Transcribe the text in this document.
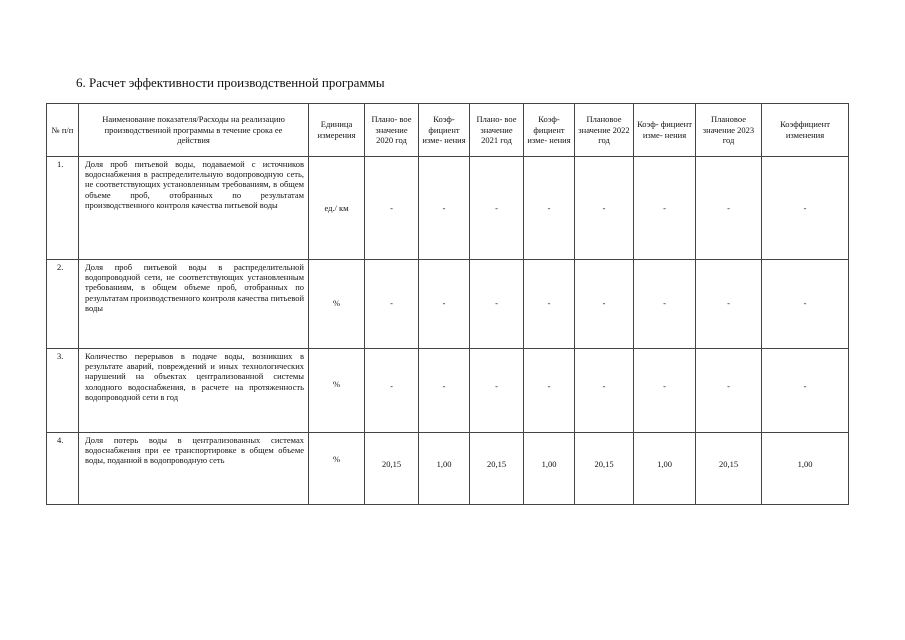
6. Расчет эффективности производственной программы
№ п/п	Наименование показателя/Расходы на реализацию производственной программы в течение срока ее действия	Единица измерения	Плано- вое значение 2020 год	Коэф- фициент изме- нения	Плано- вое значение 2021 год	Коэф- фициент изме- нения	Плановое значение 2022 год	Коэф- фициент изме- нения	Плановое значение 2023 год	Коэффициент изменения
1.	Доля проб питьевой воды, подаваемой с источников водоснабжения в распределительную водопроводную сеть, не соответствующих установленным требованиям, в общем объеме проб, отобранных по результатам производственного контроля качества питьевой воды	ед./ км	-	-	-	-	-	-	-	-
2.	Доля проб питьевой воды в распределительной водопроводной сети, не соответствующих установленным требованиям, в общем объеме проб, отобранных по результатам производственного контроля качества питьевой воды	%	-	-	-	-	-	-	-	-
3.	Количество перерывов в подаче воды, возникших в результате аварий, повреждений и иных технологических нарушений на объектах централизованной системы холодного водоснабжения, в расчете на протяженность водопроводной сети в год	%	-	-	-	-	-	-	-	-
4.	Доля потерь воды в централизованных системах водоснабжения при ее транспортировке в общем объеме воды, поданной в водопроводную сеть	%	20,15	1,00	20,15	1,00	20,15	1,00	20,15	1,00
